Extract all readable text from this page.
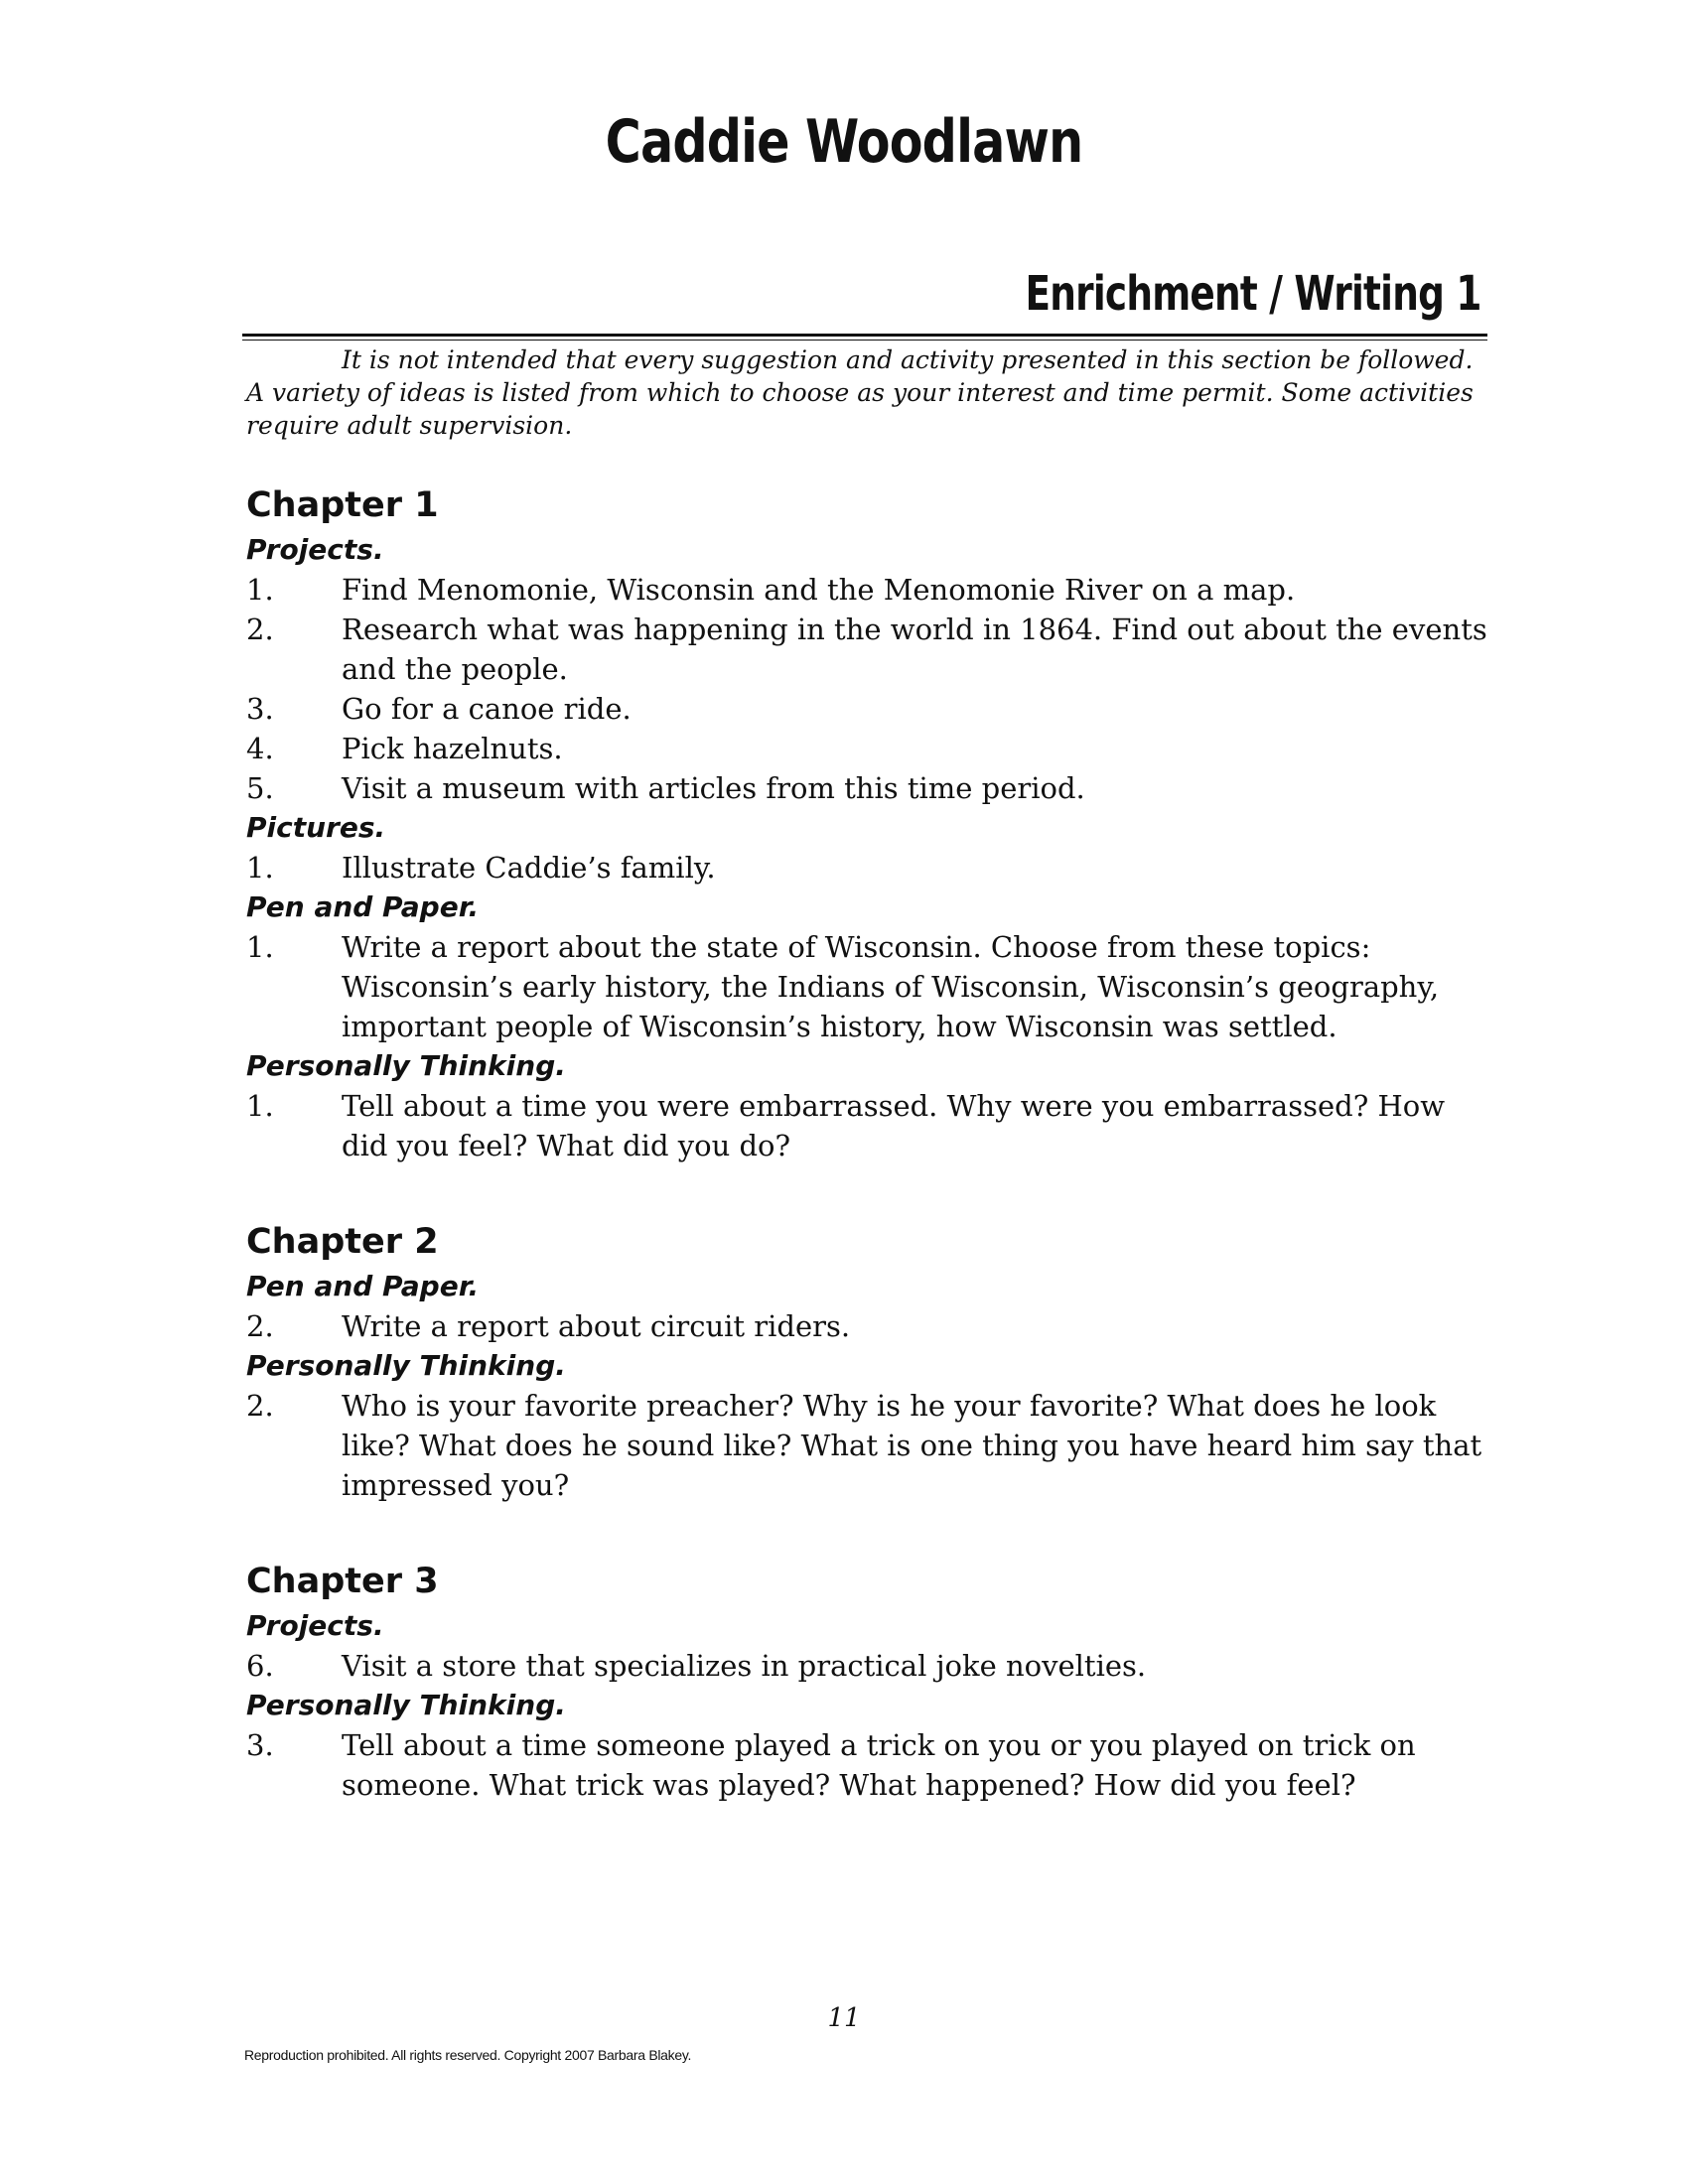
Caddie Woodlawn
Enrichment / Writing 1
It is not intended that every suggestion and activity presented in this section be followed. A variety of ideas is listed from which to choose as your interest and time permit. Some activities require adult supervision.
Chapter 1
Projects.
1.	Find Menomonie, Wisconsin and the Menomonie River on a map.
2.	Research what was happening in the world in 1864. Find out about the events and the people.
3.	Go for a canoe ride.
4.	Pick hazelnuts.
5.	Visit a museum with articles from this time period.
Pictures.
1.	Illustrate Caddie’s family.
Pen and Paper.
1.	Write a report about the state of Wisconsin. Choose from these topics: Wisconsin’s early history, the Indians of Wisconsin, Wisconsin’s geography, important people of Wisconsin’s history, how Wisconsin was settled.
Personally Thinking.
1.	Tell about a time you were embarrassed. Why were you embarrassed? How did you feel? What did you do?
Chapter 2
Pen and Paper.
2.	Write a report about circuit riders.
Personally Thinking.
2.	Who is your favorite preacher? Why is he your favorite? What does he look like? What does he sound like? What is one thing you have heard him say that impressed you?
Chapter 3
Projects.
6.	Visit a store that specializes in practical joke novelties.
Personally Thinking.
3.	Tell about a time someone played a trick on you or you played on trick on someone. What trick was played? What happened? How did you feel?
11
Reproduction prohibited. All rights reserved. Copyright 2007 Barbara Blakey.
